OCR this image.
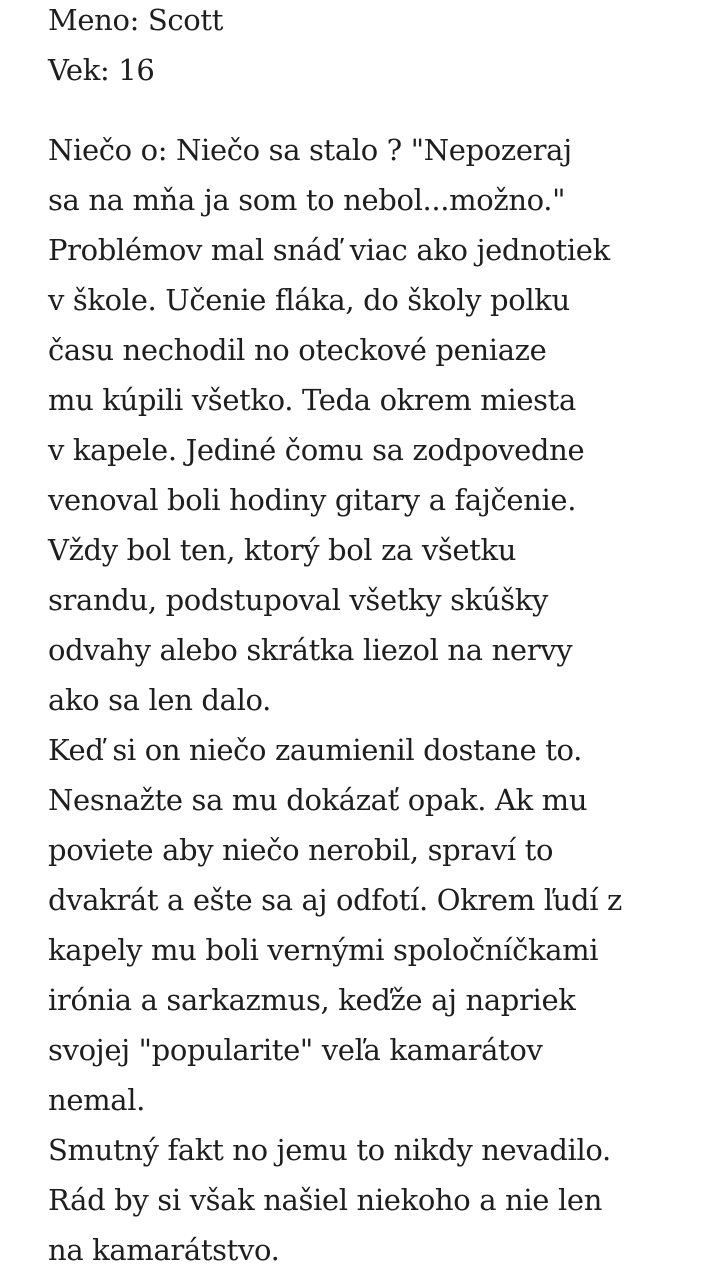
Meno: Scott
Vek: 16
Niečo o: Niečo sa stalo ? "Nepozeraj
sa na mňa ja som to nebol...možno."
Problémov mal snáď viac ako jednotiek
v škole. Učenie fláka, do školy polku
času nechodil no oteckové peniaze
mu kúpili všetko. Teda okrem miesta
v kapele. Jediné čomu sa zodpovedne
venoval boli hodiny gitary a fajčenie.
Vždy bol ten, ktorý bol za všetku
srandu, podstupoval všetky skúšky
odvahy alebo skrátka liezol na nervy
ako sa len dalo.
Keď si on niečo zaumienil dostane to.
Nesnažte sa mu dokázať opak. Ak mu
poviete aby niečo nerobil, spraví to
dvakrát a ešte sa aj odfotí. Okrem ľudí z
kapely mu boli vernými spoločníčkami
irónia a sarkazmus, keďže aj napriek
svojej "popularite" veľa kamarátov
nemal.
Smutný fakt no jemu to nikdy nevadilo.
Rád by si však našiel niekoho a nie len
na kamarátstvo.
